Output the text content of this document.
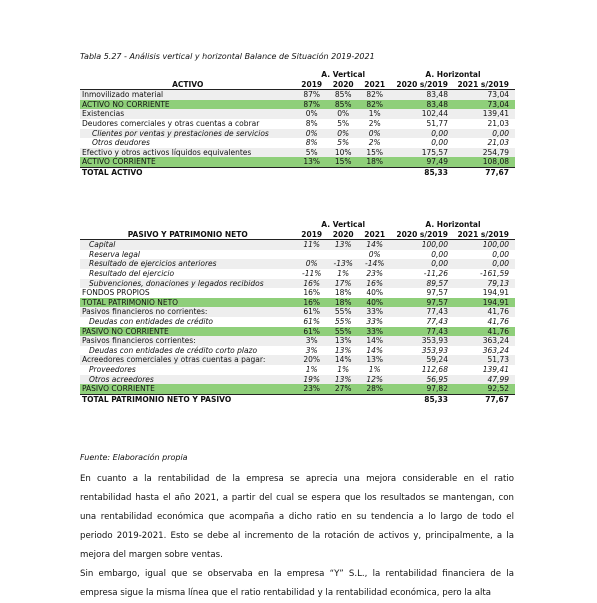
Tabla 5.27 - Análisis vertical y horizontal Balance de Situación 2019-2021
	A. Vertical			A. Horizontal	
ACTIVO	2019	2020	2021	2020 s/2019	2021 s/2019
Inmovilizado material	87%	85%	82%	83,48	73,04
ACTIVO NO CORRIENTE	87%	85%	82%	83,48	73,04
Existencias	0%	0%	1%	102,44	139,41
Deudores comerciales y otras cuentas a cobrar	8%	5%	2%	51,77	21,03
Clientes por ventas y prestaciones de servicios	0%	0%	0%	0,00	0,00
Otros deudores	8%	5%	2%	0,00	21,03
Efectivo y otros activos líquidos equivalentes	5%	10%	15%	175,57	254,79
ACTIVO CORRIENTE	13%	15%	18%	97,49	108,08
TOTAL ACTIVO				85,33	77,67
	A. Vertical			A. Horizontal	
PASIVO Y PATRIMONIO NETO	2019	2020	2021	2020 s/2019	2021 s/2019
Capital	11%	13%	14%	100,00	100,00
Reserva legal			0%	0,00	0,00
Resultado de ejercicios anteriores	0%	-13%	-14%	0,00	0,00
Resultado del ejercicio	-11%	1%	23%	-11,26	-161,59
Subvenciones, donaciones y legados recibidos	16%	17%	16%	89,57	79,13
FONDOS PROPIOS	16%	18%	40%	97,57	194,91
TOTAL PATRIMONIO NETO	16%	18%	40%	97,57	194,91
Pasivos financieros no corrientes:	61%	55%	33%	77,43	41,76
Deudas con entidades de crédito	61%	55%	33%	77,43	41,76
PASIVO NO CORRIENTE	61%	55%	33%	77,43	41,76
Pasivos financieros corrientes:	3%	13%	14%	353,93	363,24
Deudas con entidades de crédito corto plazo	3%	13%	14%	353,93	363,24
Acreedores comerciales y otras cuentas a pagar:	20%	14%	13%	59,24	51,73
Proveedores	1%	1%	1%	112,68	139,41
Otros acreedores	19%	13%	12%	56,95	47,99
PASIVO CORRIENTE	23%	27%	28%	97,82	92,52
TOTAL PATRIMONIO NETO Y PASIVO				85,33	77,67
Fuente: Elaboración propia
En cuanto a la rentabilidad de la empresa se aprecia una mejora considerable en el ratio rentabilidad hasta el año 2021, a partir del cual se espera que los resultados se mantengan, con una rentabilidad económica que acompaña a dicho ratio en su tendencia a lo largo de todo el periodo 2019-2021. Esto se debe al incremento de la rotación de activos y, principalmente, a la mejora del margen sobre ventas.
Sin embargo, igual que se observaba en la empresa “Y” S.L., la rentabilidad financiera de la empresa sigue la misma línea que el ratio rentabilidad y la rentabilidad económica, pero la alta
